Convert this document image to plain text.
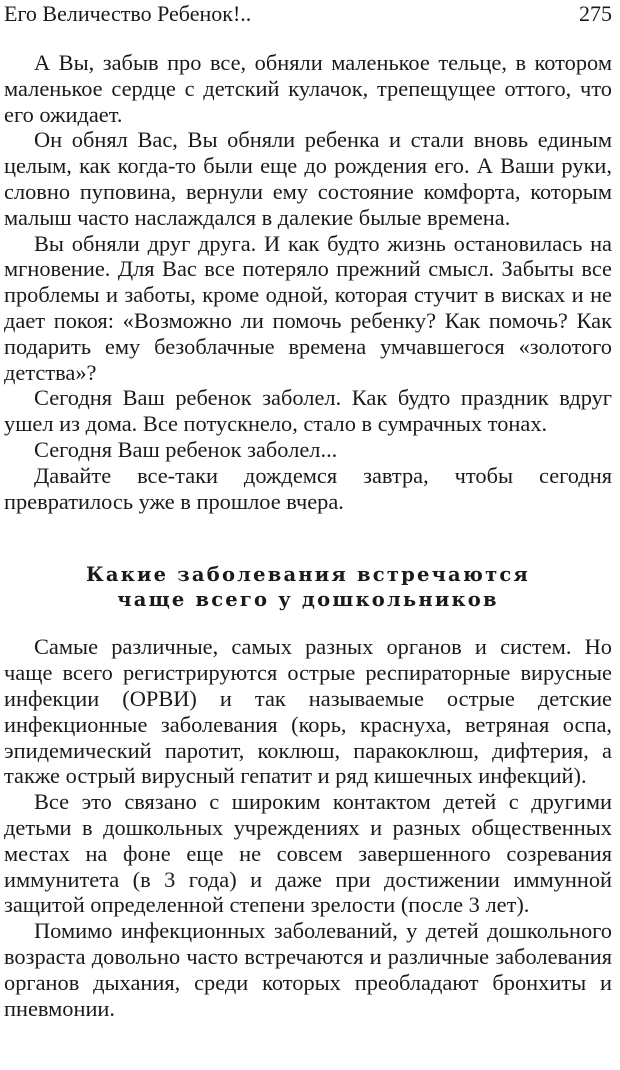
Его Величество Ребенок!..	275

А Вы, забыв про все, обняли маленькое тельце, в котором маленькое сердце с детский кулачок, трепещущее оттого, что его ожидает.

Он обнял Вас, Вы обняли ребенка и стали вновь единым целым, как когда-то были еще до рождения его. А Ваши руки, словно пуповина, вернули ему состояние комфорта, которым малыш часто наслаждался в далекие былые времена.

Вы обняли друг друга. И как будто жизнь остановилась на мгновение. Для Вас все потеряло прежний смысл. Забыты все проблемы и заботы, кроме одной, которая стучит в висках и не дает покоя: «Возможно ли помочь ребенку? Как помочь? Как подарить ему безоблачные времена умчавшегося «золотого детства»?

Сегодня Ваш ребенок заболел. Как будто праздник вдруг ушел из дома. Все потускнело, стало в сумрачных тонах.

Сегодня Ваш ребенок заболел...

Давайте все-таки дождемся завтра, чтобы сегодня превратилось уже в прошлое вчера.

Какие заболевания встречаются
чаще всего у дошкольников

Самые различные, самых разных органов и систем. Но чаще всего регистрируются острые респираторные вирусные инфекции (ОРВИ) и так называемые острые детские инфекционные заболевания (корь, краснуха, ветряная оспа, эпидемический паротит, коклюш, паракоклюш, дифтерия, а также острый вирусный гепатит и ряд кишечных инфекций).

Все это связано с широким контактом детей с другими детьми в дошкольных учреждениях и разных общественных местах на фоне еще не совсем завершенного созревания иммунитета (в 3 года) и даже при достижении иммунной защитой определенной степени зрелости (после 3 лет).

Помимо инфекционных заболеваний, у детей дошкольного возраста довольно часто встречаются и различные заболевания органов дыхания, среди которых преобладают бронхиты и пневмонии.
